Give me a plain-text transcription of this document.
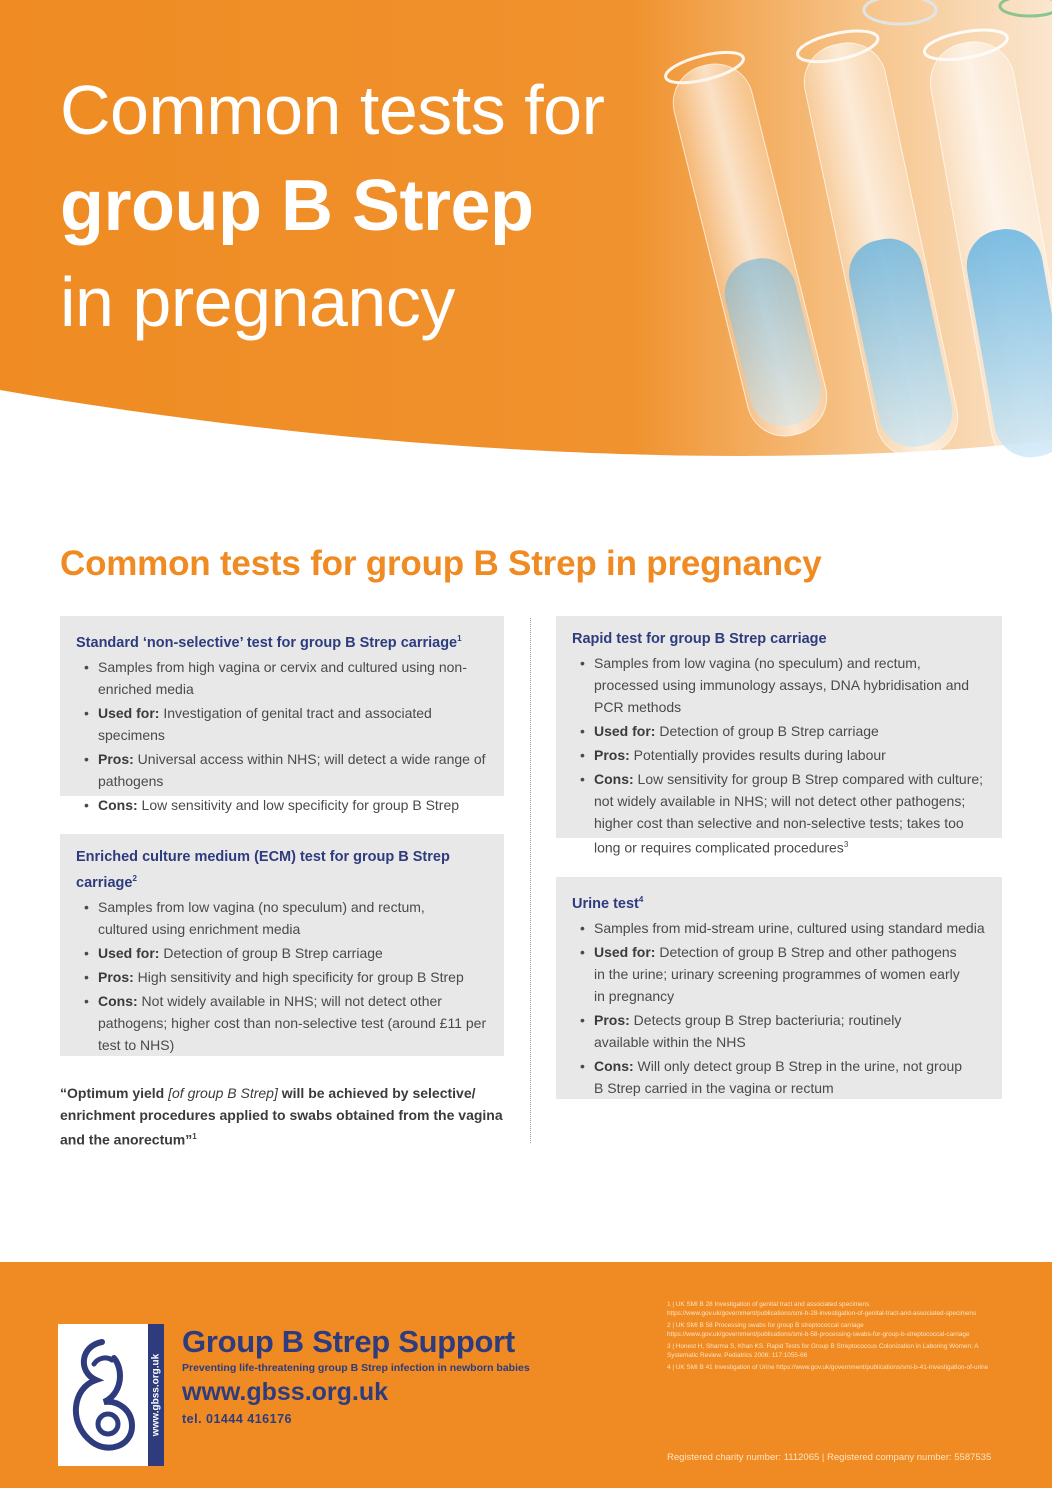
Common tests for
group B Strep
in pregnancy
Common tests for group B Strep in pregnancy
Standard ‘non-selective’ test for group B Strep carriage$^1$
• Samples from high vagina or cervix and cultured using non-enriched media
• Used for: Investigation of genital tract and associated specimens
• Pros: Universal access within NHS; will detect a wide range of pathogens
• Cons: Low sensitivity and low specificity for group B Strep
Enriched culture medium (ECM) test for group B Strep carriage$^2$
• Samples from low vagina (no speculum) and rectum, cultured using enrichment media
• Used for: Detection of group B Strep carriage
• Pros: High sensitivity and high specificity for group B Strep
• Cons: Not widely available in NHS; will not detect other pathogens; higher cost than non-selective test (around £11 per test to NHS)
“Optimum yield [of group B Strep] will be achieved by selective/ enrichment procedures applied to swabs obtained from the vagina and the anorectum”$^1$
Rapid test for group B Strep carriage
• Samples from low vagina (no speculum) and rectum, processed using immunology assays, DNA hybridisation and PCR methods
• Used for: Detection of group B Strep carriage
• Pros: Potentially provides results during labour
• Cons: Low sensitivity for group B Strep compared with culture; not widely available in NHS; will not detect other pathogens; higher cost than selective and non-selective tests; takes too long or requires complicated procedures$^3$
Urine test$^4$
• Samples from mid-stream urine, cultured using standard media
• Used for: Detection of group B Strep and other pathogens in the urine; urinary screening programmes of women early in pregnancy
• Pros: Detects group B Strep bacteriuria; routinely available within the NHS
• Cons: Will only detect group B Strep in the urine, not group B Strep carried in the vagina or rectum
www.gbss.org.uk
Group B Strep Support
Preventing life-threatening group B Strep infection in newborn babies
www.gbss.org.uk
tel. 01444 416176
1 | UK SMI B 28 Investigation of genital tract and associated specimens https://www.gov.uk/government/publications/smi-b-28-investigation-of-genital-tract-and-associated-specimens
2 | UK SMI B 58 Processing swabs for group B streptococcal carriage https://www.gov.uk/government/publications/smi-b-58-processing-swabs-for-group-b-streptococcal-carriage
3 | Honest H, Sharma S, Khan KS. Rapid Tests for Group B Streptococcus Colonization in Laboring Women: A Systematic Review. Pediatrics 2006; 117:1055-66
4 | UK SMI B 41 Investigation of Urine https://www.gov.uk/government/publications/smi-b-41-investigation-of-urine
Registered charity number: 1112065 | Registered company number: 5587535
